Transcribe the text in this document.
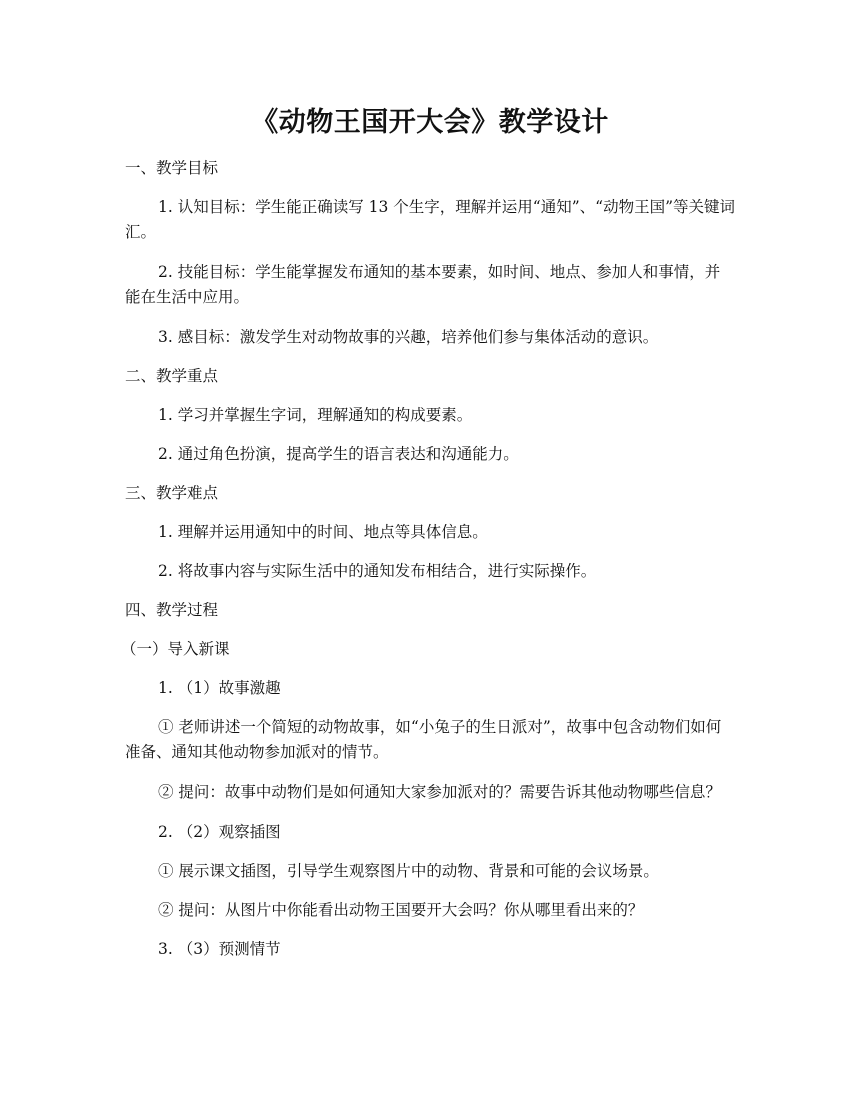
《动物王国开大会》教学设计
一、教学目标
1. 认知目标：学生能正确读写 13 个生字，理解并运用“通知”、“动物王国”等关键词汇。
2. 技能目标：学生能掌握发布通知的基本要素，如时间、地点、参加人和事情，并能在生活中应用。
3. 感目标：激发学生对动物故事的兴趣，培养他们参与集体活动的意识。
二、教学重点
1. 学习并掌握生字词，理解通知的构成要素。
2. 通过角色扮演，提高学生的语言表达和沟通能力。
三、教学难点
1. 理解并运用通知中的时间、地点等具体信息。
2. 将故事内容与实际生活中的通知发布相结合，进行实际操作。
四、教学过程
（一）导入新课
1. （1）故事激趣
① 老师讲述一个简短的动物故事，如“小兔子的生日派对”，故事中包含动物们如何准备、通知其他动物参加派对的情节。
② 提问：故事中动物们是如何通知大家参加派对的？需要告诉其他动物哪些信息？
2. （2）观察插图
① 展示课文插图，引导学生观察图片中的动物、背景和可能的会议场景。
② 提问：从图片中你能看出动物王国要开大会吗？你从哪里看出来的？
3. （3）预测情节
